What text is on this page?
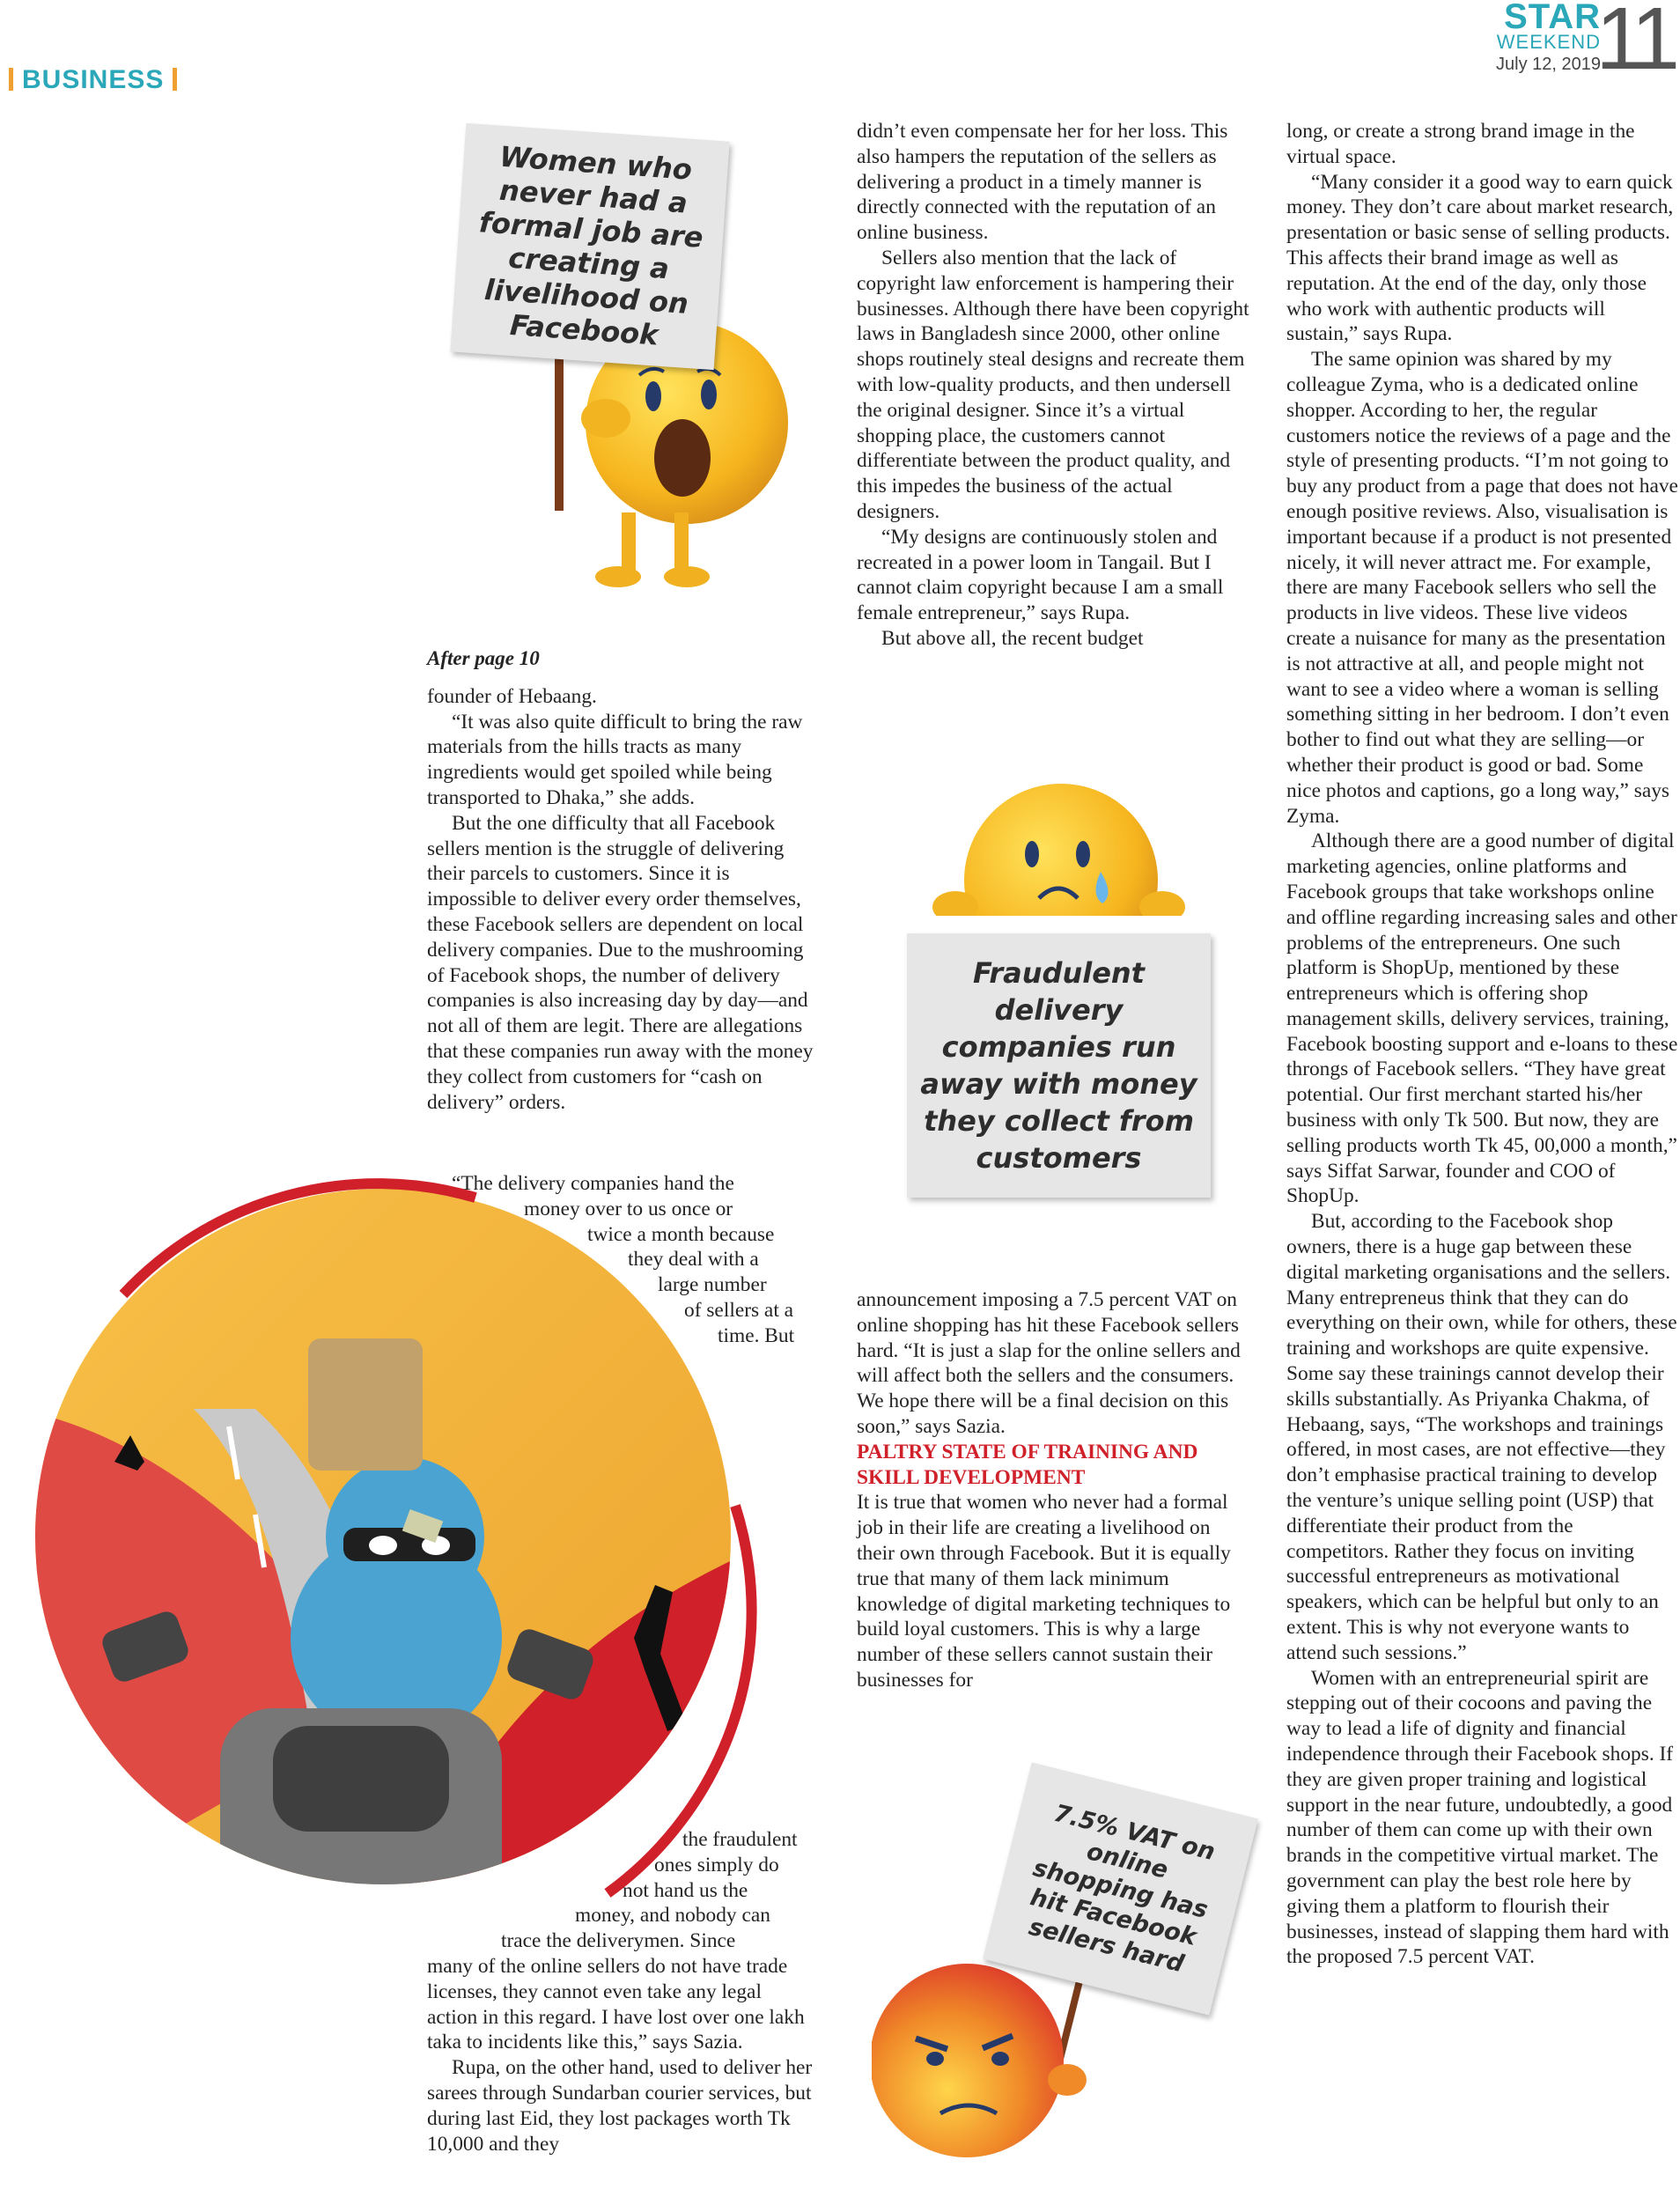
BUSINESS
STAR
WEEKEND
July 12, 2019
11
Women who never had a formal job are creating a livelihood on Facebook
Fraudulent delivery companies run away with money they collect from customers
7.5% VAT on online shopping has hit Facebook sellers hard

After page 10

founder of Hebaang.

“It was also quite difficult to bring the raw materials from the hills tracts as many ingredients would get spoiled while being transported to Dhaka,” she adds.

But the one difficulty that all Facebook sellers mention is the struggle of delivering their parcels to customers. Since it is impossible to deliver every order themselves, these Facebook sellers are dependent on local delivery companies. Due to the mushrooming of Facebook shops, the number of delivery companies is also increasing day by day—and not all of them are legit. There are allegations that these companies run away with the money they collect from customers for “cash on delivery” orders.

“The delivery companies hand the
money over to us once or
twice a month because
they deal with a
large number
of sellers at a
time. But
the fraudulent
ones simply do
not hand us the
money, and nobody can
trace the deliverymen. Since

many of the online sellers do not have trade licenses, they cannot even take any legal action in this regard. I have lost over one lakh taka to incidents like this,” says Sazia.

Rupa, on the other hand, used to deliver her sarees through Sundarban courier services, but during last Eid, they lost packages worth Tk 10,000 and they

didn’t even compensate her for her loss. This also hampers the reputation of the sellers as delivering a product in a timely manner is directly connected with the reputation of an online business.

Sellers also mention that the lack of copyright law enforcement is hampering their businesses. Although there have been copyright laws in Bangladesh since 2000, other online shops routinely steal designs and recreate them with low-quality products, and then undersell the original designer. Since it’s a virtual shopping place, the customers cannot differentiate between the product quality, and this impedes the business of the actual designers.

“My designs are continuously stolen and recreated in a power loom in Tangail. But I cannot claim copyright because I am a small female entrepreneur,” says Rupa.

But above all, the recent budget

announcement imposing a 7.5 percent VAT on online shopping has hit these Facebook sellers hard. “It is just a slap for the online sellers and will affect both the sellers and the consumers. We hope there will be a final decision on this soon,” says Sazia.

PALTRY STATE OF TRAINING AND
SKILL DEVELOPMENT

It is true that women who never had a formal job in their life are creating a livelihood on their own through Facebook. But it is equally true that many of them lack minimum knowledge of digital marketing techniques to build loyal customers. This is why a large number of these sellers cannot sustain their businesses for

long, or create a strong brand image in the virtual space.

“Many consider it a good way to earn quick money. They don’t care about market research, presentation or basic sense of selling products. This affects their brand image as well as reputation. At the end of the day, only those who work with authentic products will sustain,” says Rupa.

The same opinion was shared by my colleague Zyma, who is a dedicated online shopper. According to her, the regular customers notice the reviews of a page and the style of presenting products. “I’m not going to buy any product from a page that does not have enough positive reviews. Also, visualisation is important because if a product is not presented nicely, it will never attract me. For example, there are many Facebook sellers who sell the products in live videos. These live videos create a nuisance for many as the presentation is not attractive at all, and people might not want to see a video where a woman is selling something sitting in her bedroom. I don’t even bother to find out what they are selling—or whether their product is good or bad. Some nice photos and captions, go a long way,” says Zyma.

Although there are a good number of digital marketing agencies, online platforms and Facebook groups that take workshops online and offline regarding increasing sales and other problems of the entrepreneurs. One such platform is ShopUp, mentioned by these entrepreneurs which is offering shop management skills, delivery services, training, Facebook boosting support and e-loans to these throngs of Facebook sellers. “They have great potential. Our first merchant started his/her business with only Tk 500. But now, they are selling products worth Tk 45, 00,000 a month,” says Siffat Sarwar, founder and COO of ShopUp.

But, according to the Facebook shop owners, there is a huge gap between these digital marketing organisations and the sellers. Many entrepreneus think that they can do everything on their own, while for others, these training and workshops are quite expensive. Some say these trainings cannot develop their skills substantially. As Priyanka Chakma, of Hebaang, says, “The workshops and trainings offered, in most cases, are not effective—they don’t emphasise practical training to develop the venture’s unique selling point (USP) that differentiate their product from the competitors. Rather they focus on inviting successful entrepreneurs as motivational speakers, which can be helpful but only to an extent. This is why not everyone wants to attend such sessions.”

Women with an entrepreneurial spirit are stepping out of their cocoons and paving the way to lead a life of dignity and financial independence through their Facebook shops. If they are given proper training and logistical support in the near future, undoubtedly, a good number of them can come up with their own brands in the competitive virtual market. The government can play the best role here by giving them a platform to flourish their businesses, instead of slapping them hard with the proposed 7.5 percent VAT.
